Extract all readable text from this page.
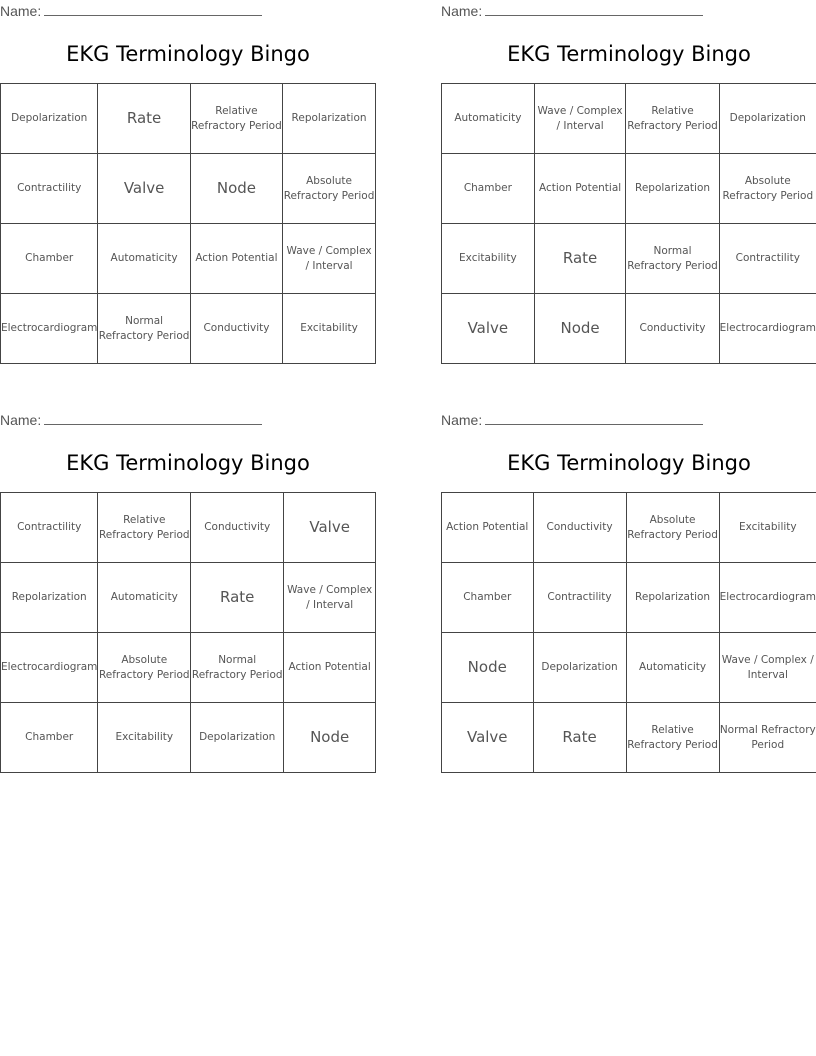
Name:
EKG Terminology Bingo
Depolarization	Rate	Relative Refractory Period	Repolarization
Contractility	Valve	Node	Absolute Refractory Period
Chamber	Automaticity	Action Potential	Wave / Complex / Interval
Electrocardiogram	Normal Refractory Period	Conductivity	Excitability
Name:
EKG Terminology Bingo
Automaticity	Wave / Complex / Interval	Relative Refractory Period	Depolarization
Chamber	Action Potential	Repolarization	Absolute Refractory Period
Excitability	Rate	Normal Refractory Period	Contractility
Valve	Node	Conductivity	Electrocardiogram
Name:
EKG Terminology Bingo
Contractility	Relative Refractory Period	Conductivity	Valve
Repolarization	Automaticity	Rate	Wave / Complex / Interval
Electrocardiogram	Absolute Refractory Period	Normal Refractory Period	Action Potential
Chamber	Excitability	Depolarization	Node
Name:
EKG Terminology Bingo
Action Potential	Conductivity	Absolute Refractory Period	Excitability
Chamber	Contractility	Repolarization	Electrocardiogram
Node	Depolarization	Automaticity	Wave / Complex / Interval
Valve	Rate	Relative Refractory Period	Normal Refractory Period
